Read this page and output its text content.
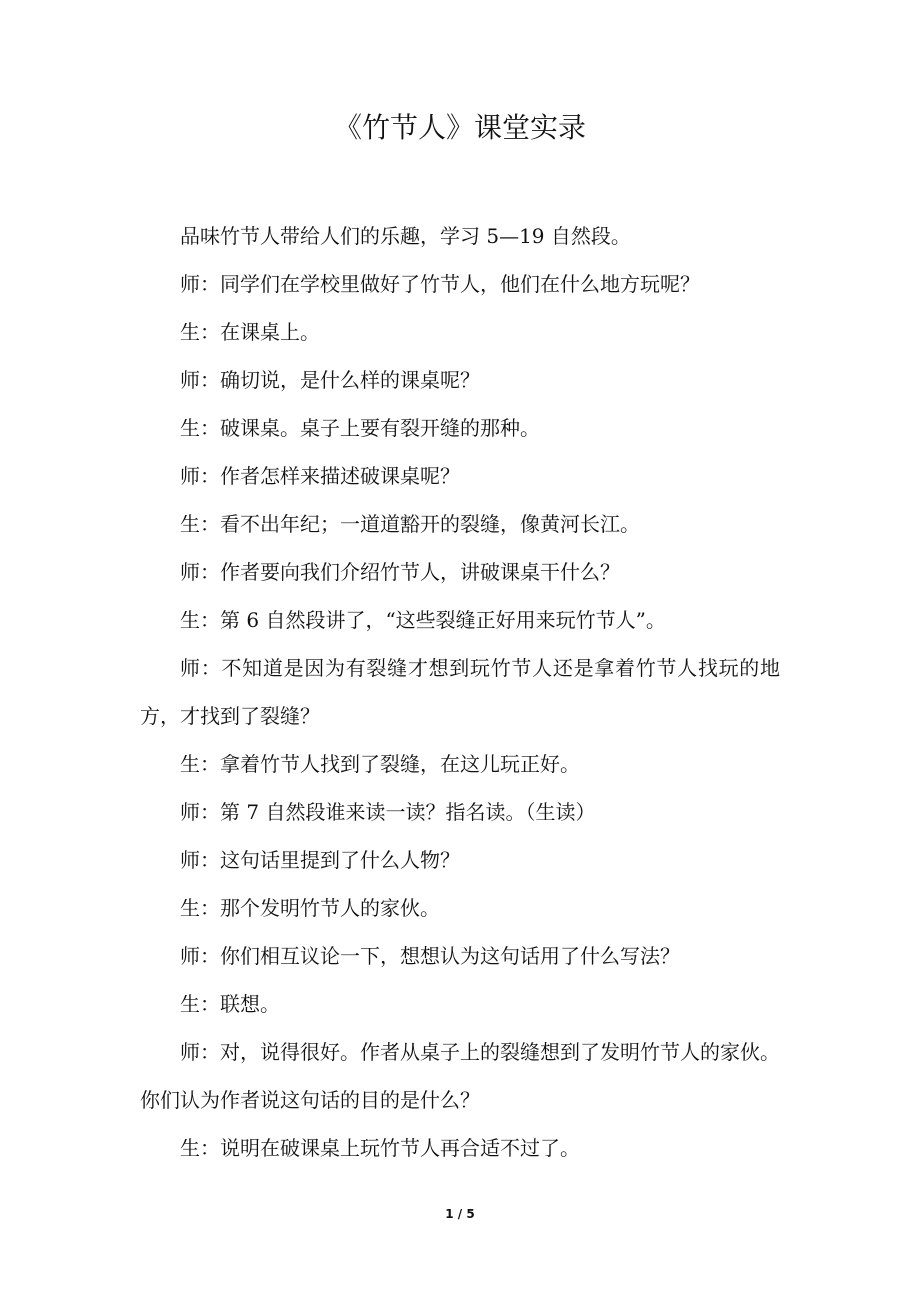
《竹节人》课堂实录

品味竹节人带给人们的乐趣，学习 5—19 自然段。

师：同学们在学校里做好了竹节人，他们在什么地方玩呢？

生：在课桌上。

师：确切说，是什么样的课桌呢？

生：破课桌。桌子上要有裂开缝的那种。

师：作者怎样来描述破课桌呢？

生：看不出年纪；一道道豁开的裂缝，像黄河长江。

师：作者要向我们介绍竹节人，讲破课桌干什么？

生：第 6 自然段讲了，“这些裂缝正好用来玩竹节人”。

师：不知道是因为有裂缝才想到玩竹节人还是拿着竹节人找玩的地方，才找到了裂缝？

生：拿着竹节人找到了裂缝，在这儿玩正好。

师：第 7 自然段谁来读一读？指名读。（生读）

师：这句话里提到了什么人物？

生：那个发明竹节人的家伙。

师：你们相互议论一下，想想认为这句话用了什么写法？

生：联想。

师：对，说得很好。作者从桌子上的裂缝想到了发明竹节人的家伙。你们认为作者说这句话的目的是什么？

生：说明在破课桌上玩竹节人再合适不过了。

1 / 5
